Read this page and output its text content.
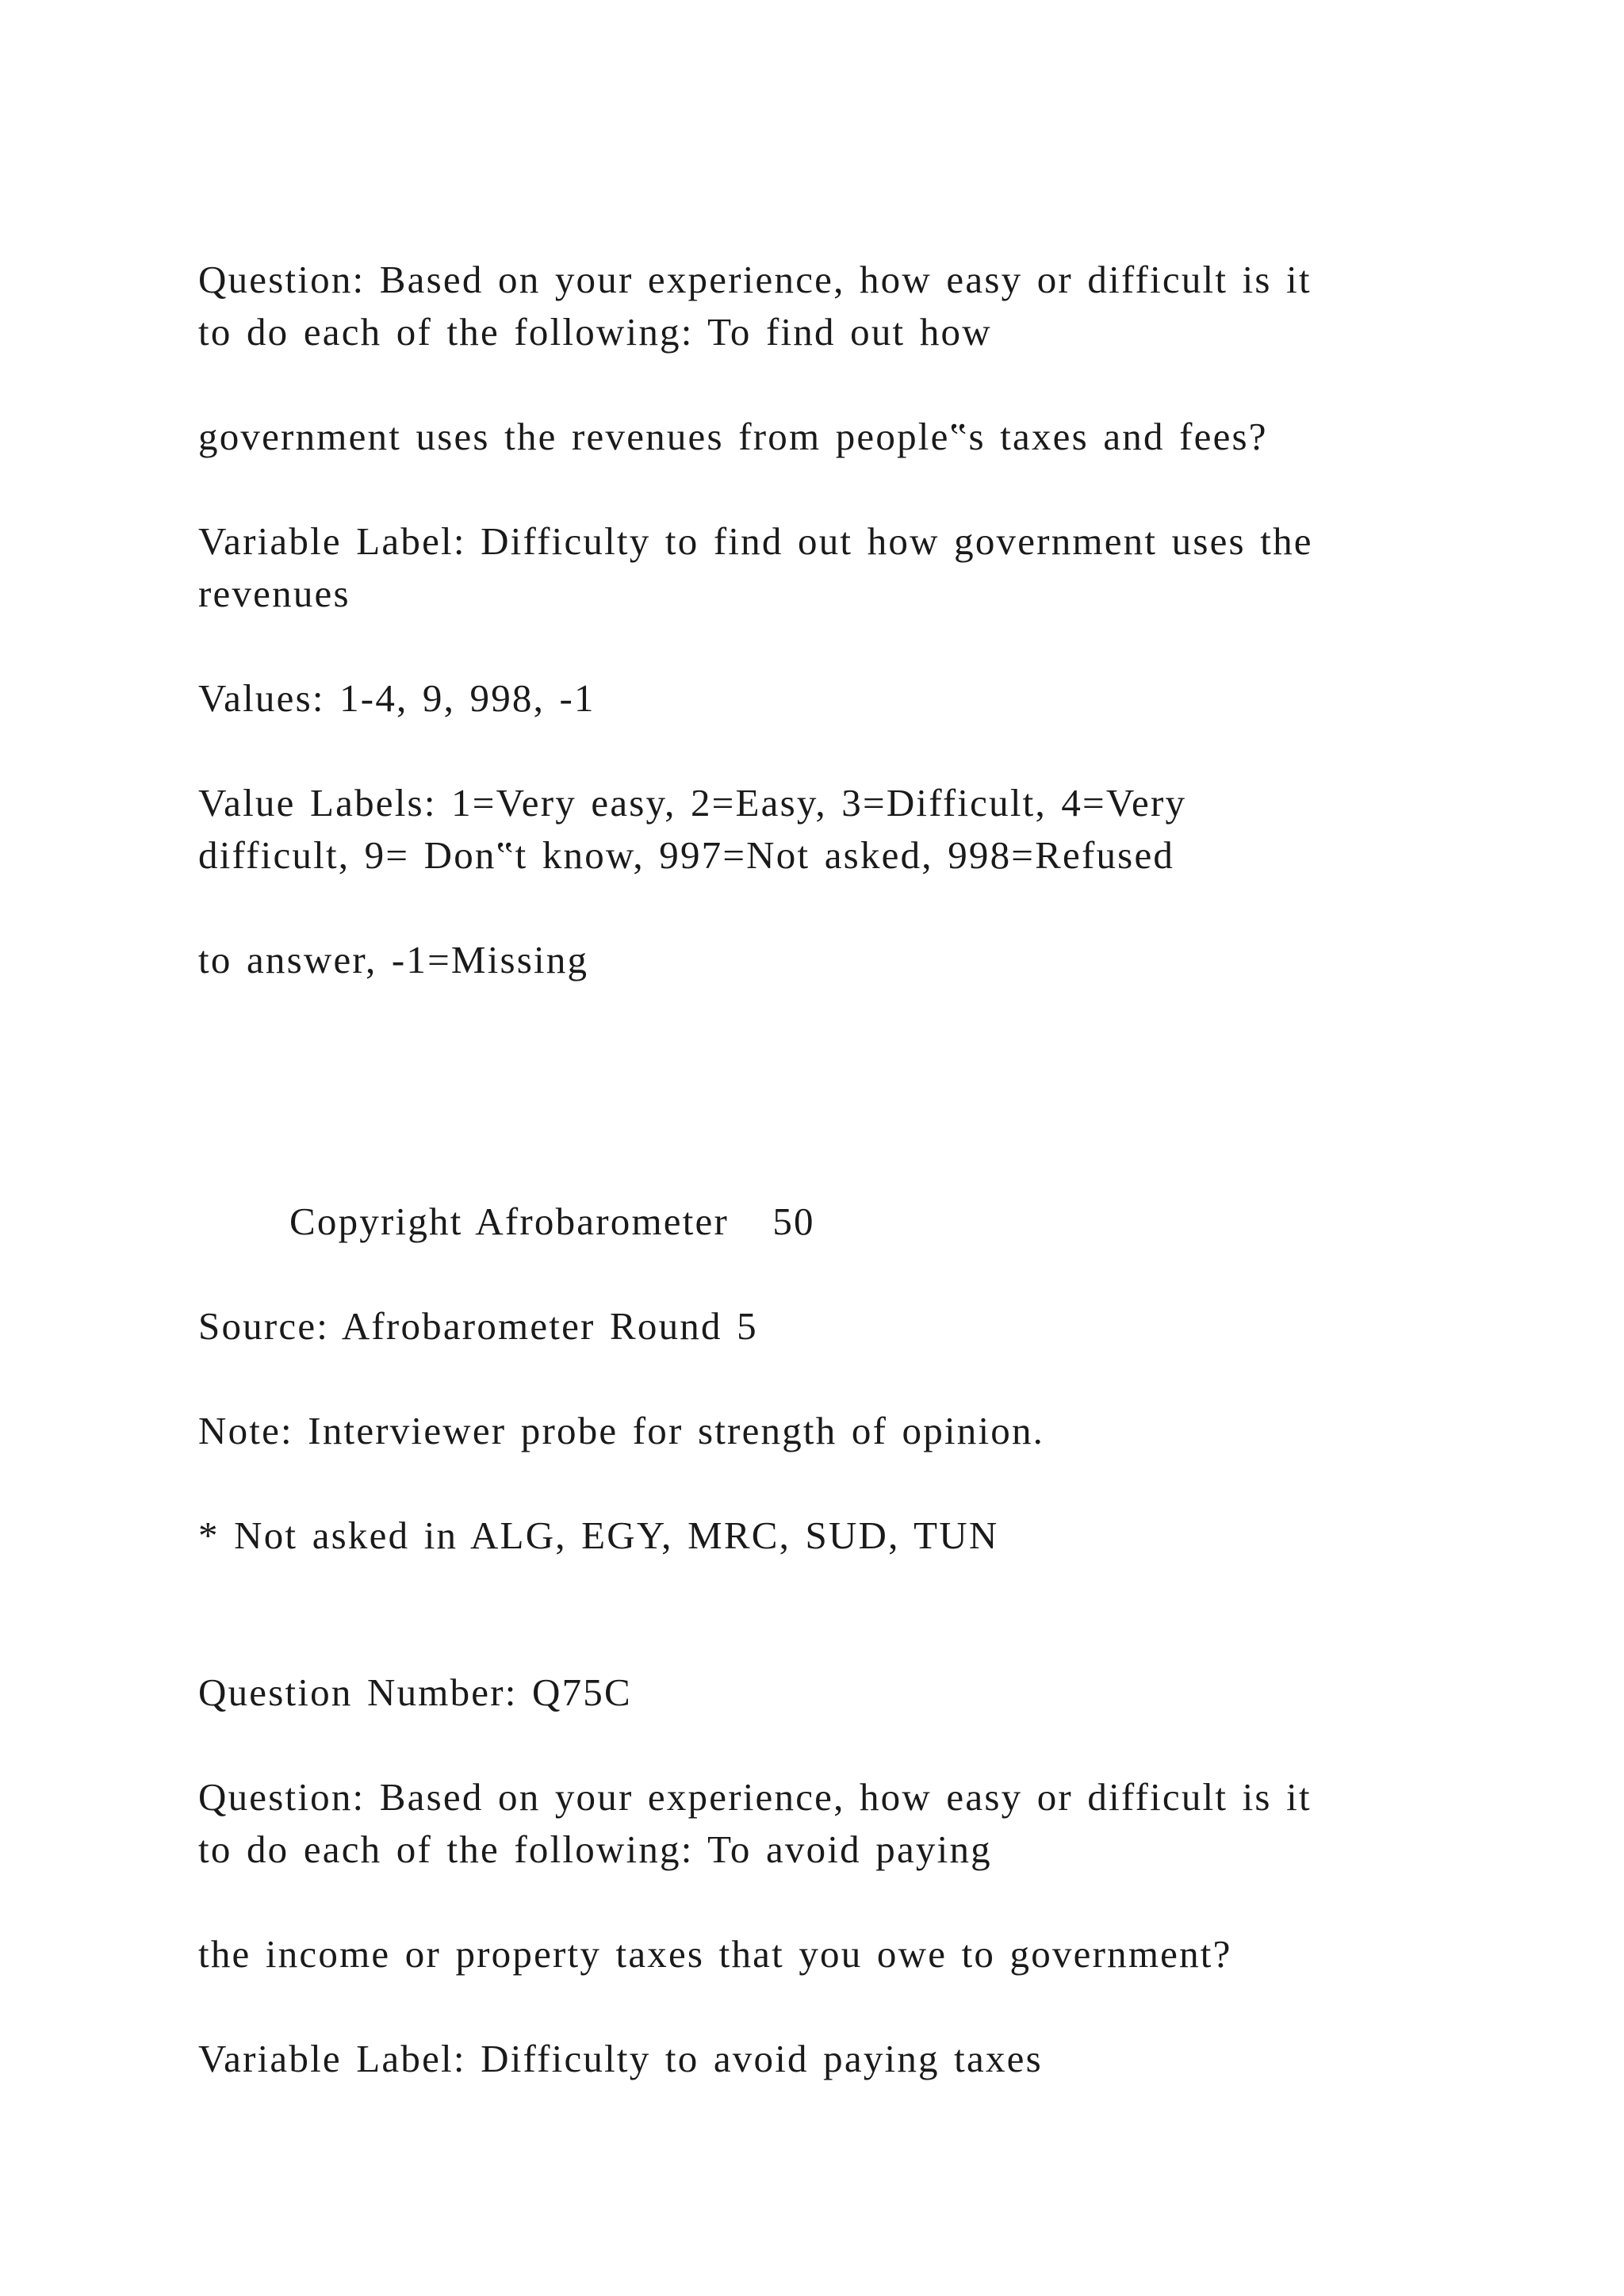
Question: Based on your experience, how easy or difficult is it
to do each of the following: To find out how

government uses the revenues from people‟s taxes and fees?

Variable Label: Difficulty to find out how government uses the
revenues

Values: 1-4, 9, 998, -1

Value Labels: 1=Very easy, 2=Easy, 3=Difficult, 4=Very
difficult, 9= Don‟t know, 997=Not asked, 998=Refused

to answer, -1=Missing

Copyright Afrobarometer   50

Source: Afrobarometer Round 5

Note: Interviewer probe for strength of opinion.

* Not asked in ALG, EGY, MRC, SUD, TUN

Question Number: Q75C

Question: Based on your experience, how easy or difficult is it
to do each of the following: To avoid paying

the income or property taxes that you owe to government?

Variable Label: Difficulty to avoid paying taxes
